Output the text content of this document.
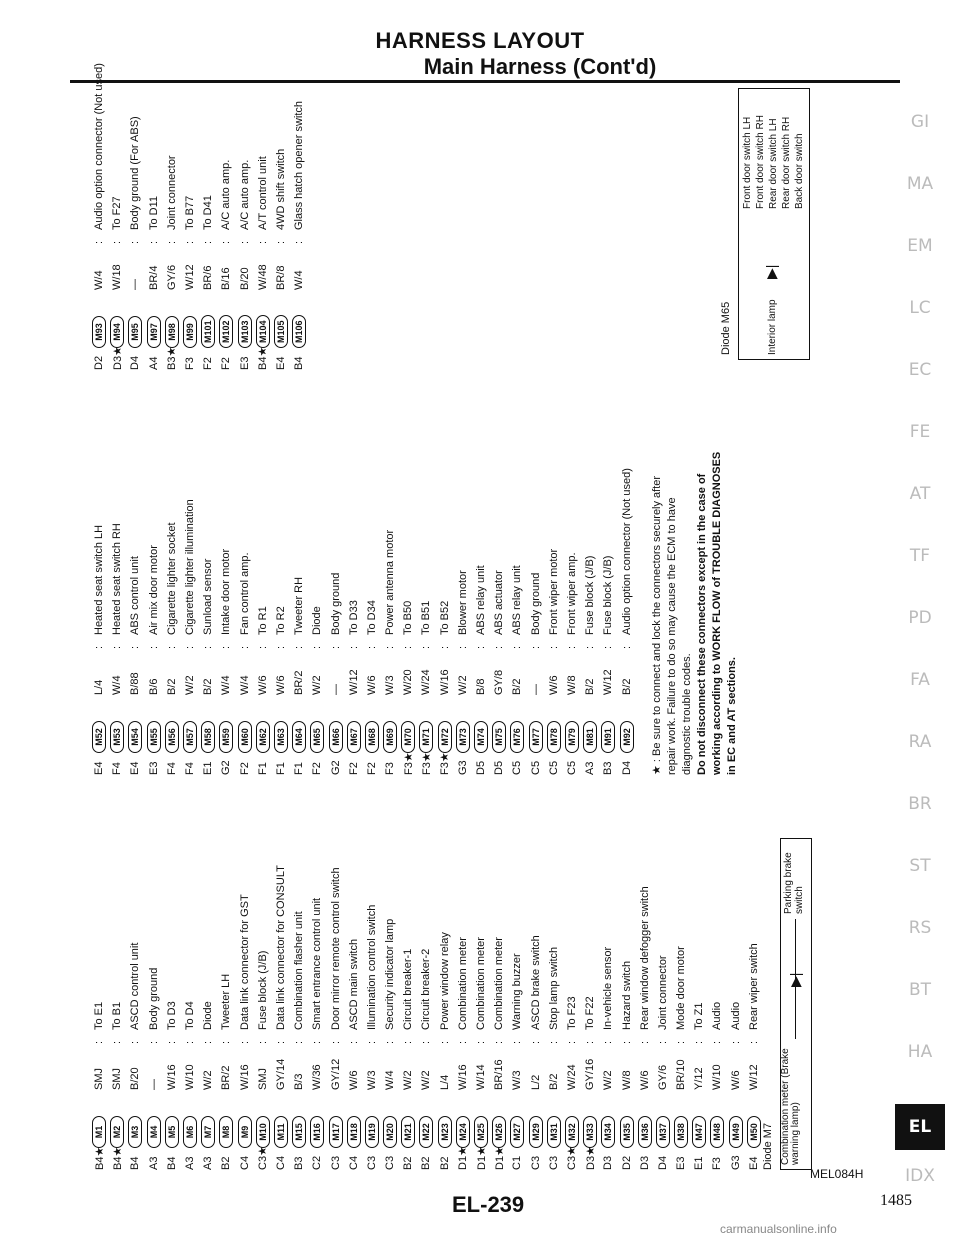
HARNESS LAYOUT
Main Harness (Cont'd)
B4★
M1
SMJ
:
To E1
B4★
M2
SMJ
:
To B1
B4
M3
B/20
:
ASCD control unit
A3
M4
—
:
Body ground
B4
M5
W/16
:
To D3
A3
M6
W/10
:
To D4
A3
M7
W/2
:
Diode
B2
M8
BR/2
:
Tweeter LH
C4
M9
W/16
:
Data link connector for GST
C3★
M10
SMJ
:
Fuse block (J/B)
C4
M11
GY/14
:
Data link connector for CONSULT
B3
M15
B/3
:
Combination flasher unit
C2
M16
W/36
:
Smart entrance control unit
C3
M17
GY/12
:
Door mirror remote control switch
C4
M18
W/6
:
ASCD main switch
C3
M19
W/3
:
Illumination control switch
C3
M20
W/4
:
Security indicator lamp
B2
M21
W/2
:
Circuit breaker-1
B2
M22
W/2
:
Circuit breaker-2
B2
M23
L/4
:
Power window relay
D1★
M24
W/16
:
Combination meter
D1★
M25
W/14
:
Combination meter
D1★
M26
BR/16
:
Combination meter
C1
M27
W/3
:
Warning buzzer
C3
M29
L/2
:
ASCD brake switch
C3
M31
B/2
:
Stop lamp switch
C3★
M32
W/24
:
To F23
D3★
M33
GY/16
:
To F22
D3
M34
W/2
:
In-vehicle sensor
D2
M35
W/8
:
Hazard switch
D3
M36
W/6
:
Rear window defogger switch
D4
M37
GY/6
:
Joint connector
E3
M38
BR/10
:
Mode door motor
E1
M47
Y/12
:
To Z1
F3
M48
W/10
:
Audio
G3
M49
W/6
:
Audio
E4
M50
W/12
:
Rear wiper switch
E4
M52
L/4
:
Heated seat switch LH
F4
M53
W/4
:
Heated seat switch RH
E4
M54
B/88
:
ABS control unit
E3
M55
B/6
:
Air mix door motor
F4
M56
B/2
:
Cigarette lighter socket
F4
M57
W/2
:
Cigarette lighter illumination
E1
M58
B/2
:
Sunload sensor
G2
M59
W/4
:
Intake door motor
F2
M60
W/4
:
Fan control amp.
F1
M62
W/6
:
To R1
F1
M63
W/6
:
To R2
F1
M64
BR/2
:
Tweeter RH
F2
M65
W/2
:
Diode
G2
M66
—
:
Body ground
F2
M67
W/12
:
To D33
F2
M68
W/6
:
To D34
F3
M69
W/3
:
Power antenna motor
F3★
M70
W/20
:
To B50
F3★
M71
W/24
:
To B51
F3★
M72
W/16
:
To B52
G3
M73
W/2
:
Blower motor
D5
M74
B/8
:
ABS relay unit
D5
M75
GY/8
:
ABS actuator
C5
M76
B/2
:
ABS relay unit
C5
M77
—
:
Body ground
C5
M78
W/6
:
Front wiper motor
C5
M79
W/8
:
Front wiper amp.
A3
M81
B/2
:
Fuse block (J/B)
B3
M91
W/12
:
Fuse block (J/B)
D4
M92
B/2
:
Audio option connector (Not used)
D2
M93
W/4
:
Audio option connector (Not used)
D3★
M94
W/18
:
To F27
D4
M95
—
:
Body ground (For ABS)
A4
M97
BR/4
:
To D11
B3★
M98
GY/6
:
Joint connector
F3
M99
W/12
:
To B77
F2
M101
BR/6
:
To D41
F2
M102
B/16
:
A/C auto amp.
E3
M103
B/20
:
A/C auto amp.
B4★
M104
W/48
:
A/T control unit
E4
M105
BR/8
:
4WD shift switch
B4
M106
W/4
:
Glass hatch opener switch
★ : Be sure to connect and lock the connectors securely after repair work. Failure to do so may cause the ECM to have diagnostic trouble codes. Do not disconnect these connectors except in the case of working according to WORK FLOW of TROUBLE DIAGNOSES in EC and AT sections.
Diode M7 Combination meter (Brake warning lamp)
▶|
Parking brake switch
Diode M65	Interior lamp
▶|
Front door switch LH Front door switch RH Rear door switch LH Rear door switch RH Back door switch
GI
MA
EM
LC
EC
FE
AT
TF
PD
FA
RA
BR
ST
RS
BT
HA
EL
IDX
MEL084H
EL-239	1485
carmanualsonline.info
